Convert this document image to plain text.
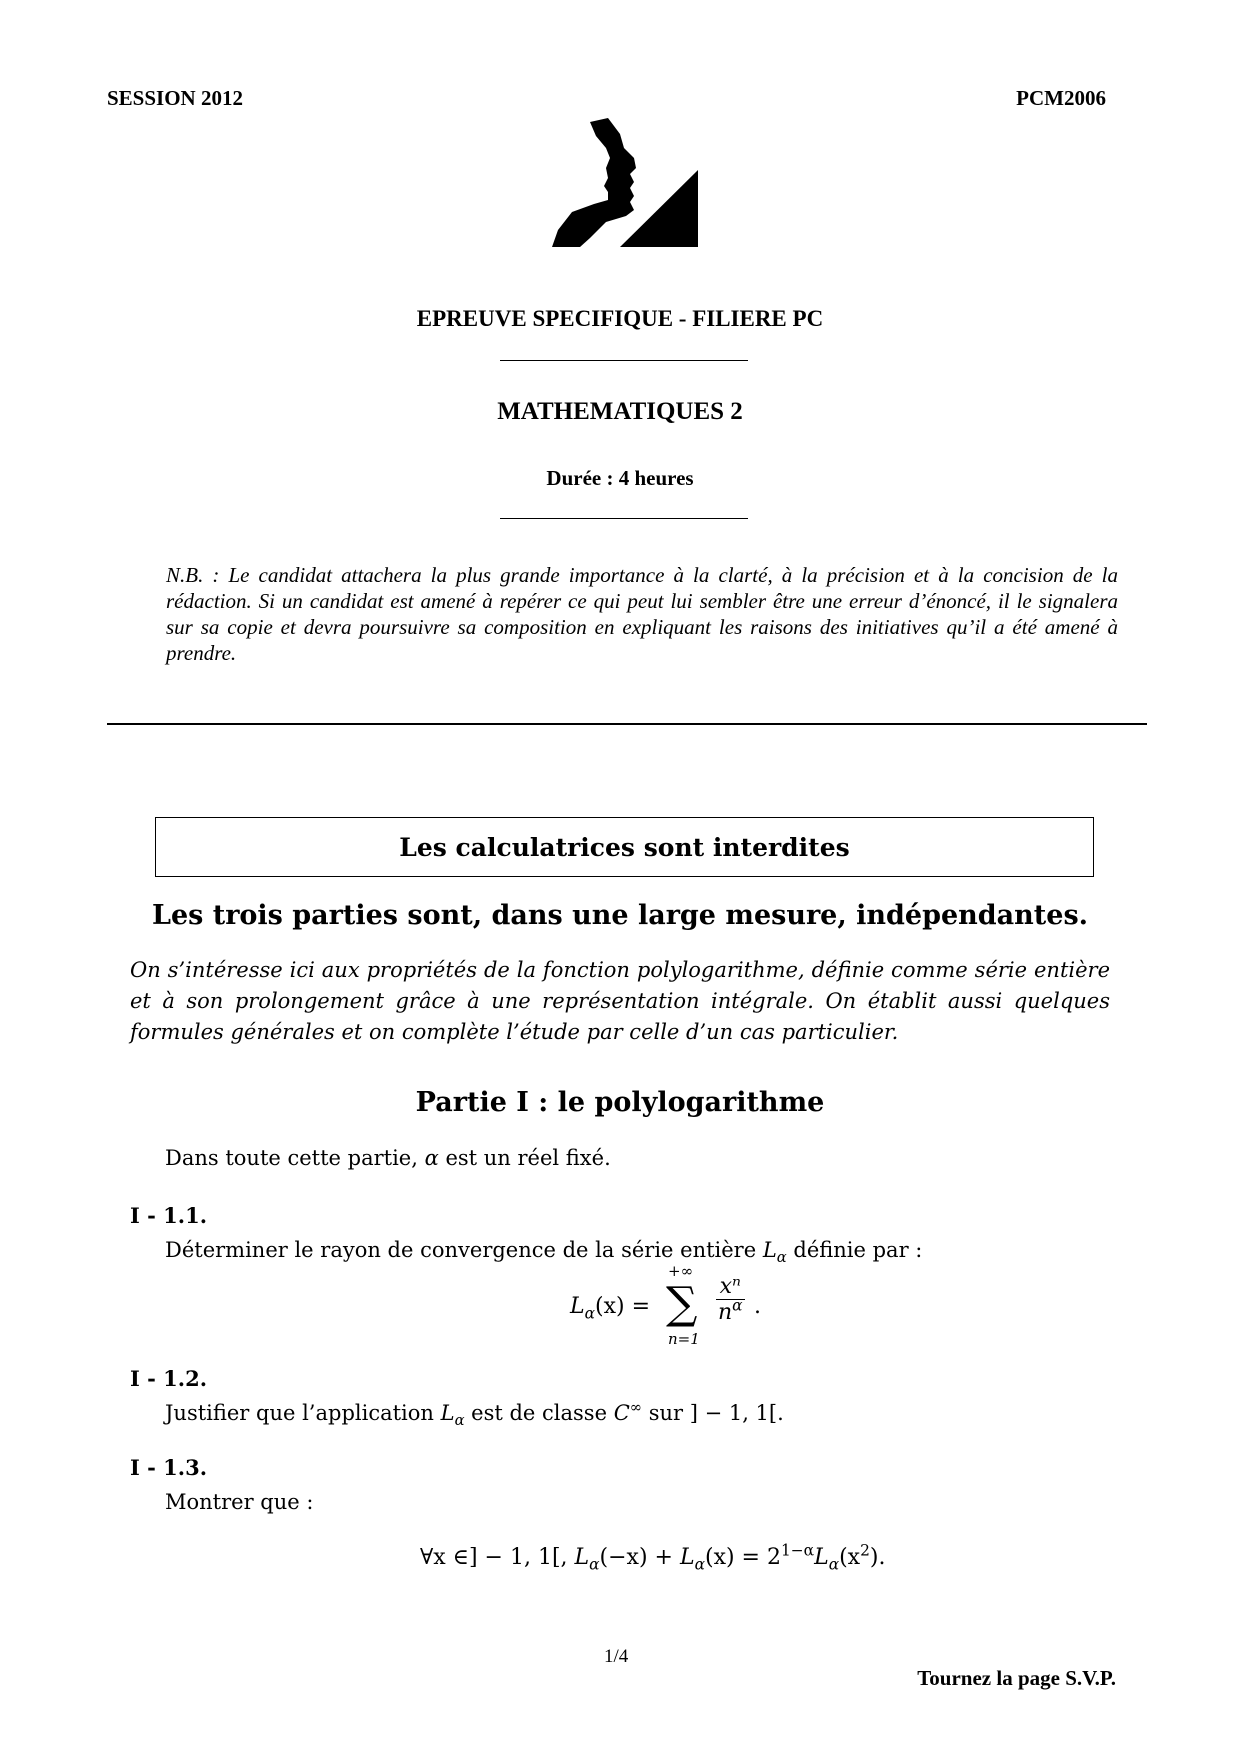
SESSION 2012	PCM2006
EPREUVE SPECIFIQUE - FILIERE PC
MATHEMATIQUES 2
Durée : 4 heures
N.B. : Le candidat attachera la plus grande importance à la clarté, à la précision et à la concision de la rédaction. Si un candidat est amené à repérer ce qui peut lui sembler être une erreur d’énoncé, il le signalera sur sa copie et devra poursuivre sa composition en expliquant les raisons des initiatives qu’il a été amené à prendre.
Les calculatrices sont interdites
Les trois parties sont, dans une large mesure, indépendantes.
On s’intéresse ici aux propriétés de la fonction polylogarithme, définie comme série entière et à son prolongement grâce à une représentation intégrale. On établit aussi quelques formules générales et on complète l’étude par celle d’un cas particulier.
Partie I : le polylogarithme
Dans toute cette partie, α est un réel fixé.
I - 1.1.
Déterminer le rayon de convergence de la série entière $L_\alpha$ définie par :
$L_\alpha(x)$ =
+∞
∑
n=1
$\frac{\text{xⁿ}}{n^\alpha}$ .
I - 1.2.
Justifier que l’application $L_\alpha$ est de classe C∞ sur ] − 1, 1[.
I - 1.3.
Montrer que :
∀x ∈] − 1, 1[, $L_\alpha(-x) + L_\alpha(x) = 2^{1-\alpha}L_\alpha(x^2)$.
1/4
Tournez la page S.V.P.
